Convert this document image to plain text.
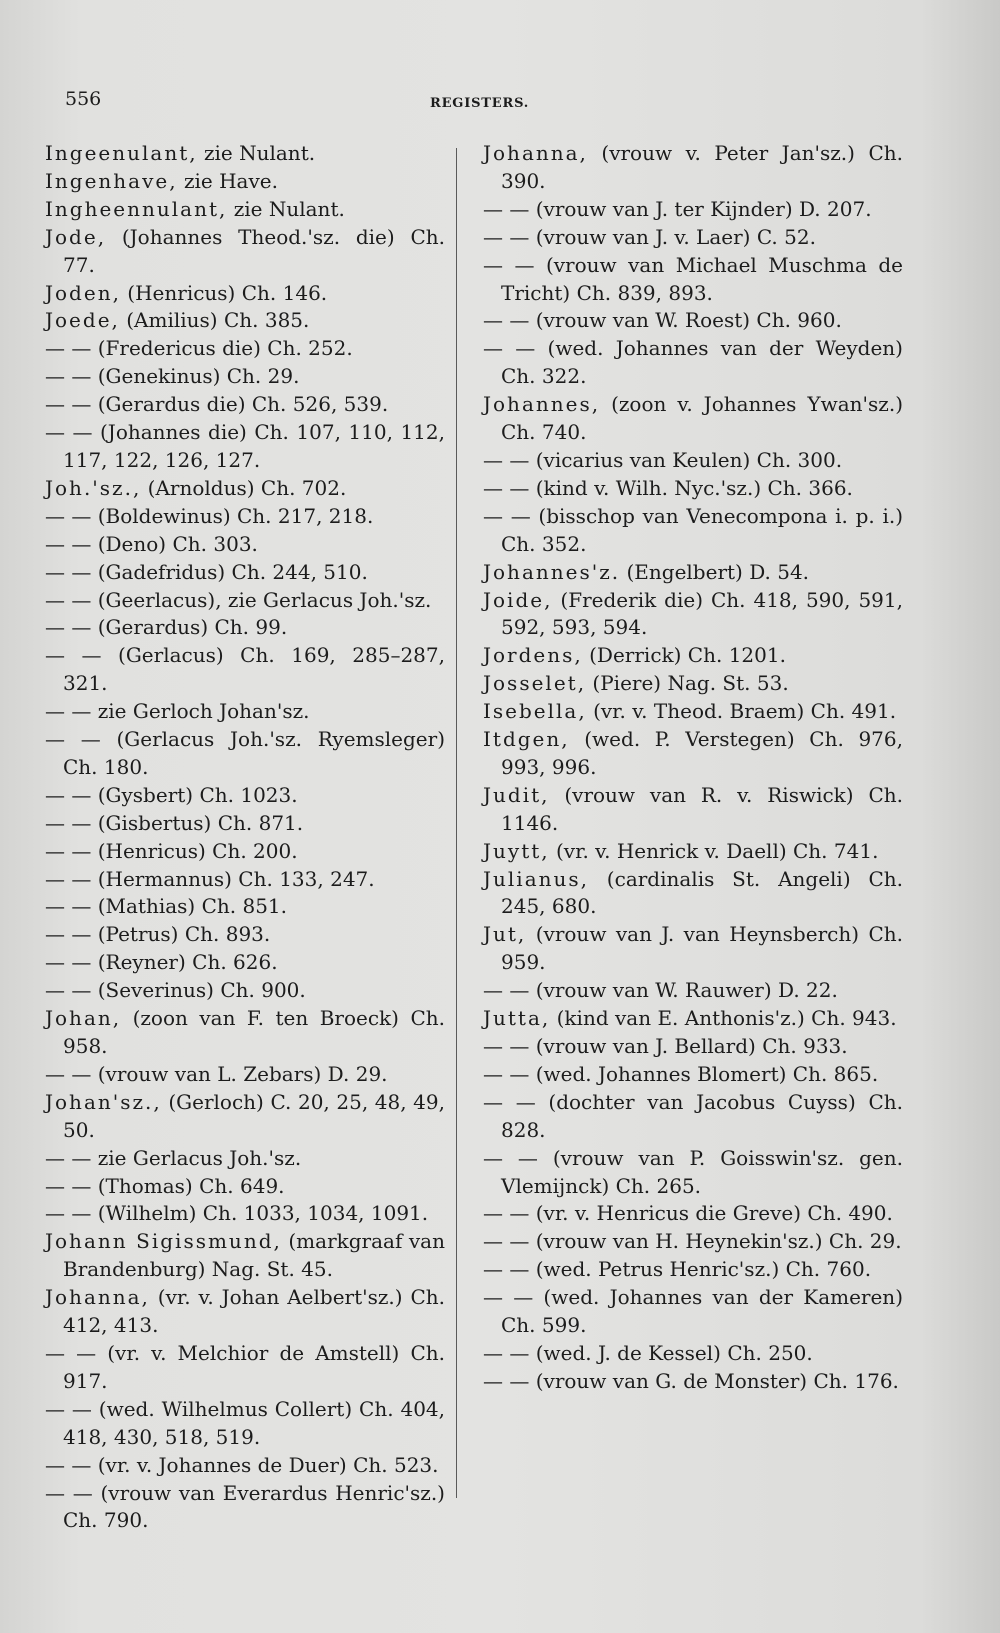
556	REGISTERS.
Ingeenulant, zie Nulant.
Ingenhave, zie Have.
Ingheennulant, zie Nulant.
Jode, (Johannes Theod.'sz. die) Ch. 77.
Joden, (Henricus) Ch. 146.
Joede, (Amilius) Ch. 385.
— — (Fredericus die) Ch. 252.
— — (Genekinus) Ch. 29.
— — (Gerardus die) Ch. 526, 539.
— — (Johannes die) Ch. 107, 110, 112, 117, 122, 126, 127.
Joh.'sz., (Arnoldus) Ch. 702.
— — (Boldewinus) Ch. 217, 218.
— — (Deno) Ch. 303.
— — (Gadefridus) Ch. 244, 510.
— — (Geerlacus), zie Gerlacus Joh.'sz.
— — (Gerardus) Ch. 99.
— — (Gerlacus) Ch. 169, 285–287, 321.
— — zie Gerloch Johan'sz.
— — (Gerlacus Joh.'sz. Ryemsleger) Ch. 180.
— — (Gysbert) Ch. 1023.
— — (Gisbertus) Ch. 871.
— — (Henricus) Ch. 200.
— — (Hermannus) Ch. 133, 247.
— — (Mathias) Ch. 851.
— — (Petrus) Ch. 893.
— — (Reyner) Ch. 626.
— — (Severinus) Ch. 900.
Johan, (zoon van F. ten Broeck) Ch. 958.
— — (vrouw van L. Zebars) D. 29.
Johan'sz., (Gerloch) C. 20, 25, 48, 49, 50.
— — zie Gerlacus Joh.'sz.
— — (Thomas) Ch. 649.
— — (Wilhelm) Ch. 1033, 1034, 1091.
Johann Sigissmund, (markgraaf van Brandenburg) Nag. St. 45.
Johanna, (vr. v. Johan Aelbert'sz.) Ch. 412, 413.
— — (vr. v. Melchior de Amstell) Ch. 917.
— — (wed. Wilhelmus Collert) Ch. 404, 418, 430, 518, 519.
— — (vr. v. Johannes de Duer) Ch. 523.
— — (vrouw van Everardus Henric'sz.) Ch. 790.
Johanna, (vrouw v. Peter Jan'sz.) Ch. 390.
— — (vrouw van J. ter Kijnder) D. 207.
— — (vrouw van J. v. Laer) C. 52.
— — (vrouw van Michael Muschma de Tricht) Ch. 839, 893.
— — (vrouw van W. Roest) Ch. 960.
— — (wed. Johannes van der Weyden) Ch. 322.
Johannes, (zoon v. Johannes Ywan'sz.) Ch. 740.
— — (vicarius van Keulen) Ch. 300.
— — (kind v. Wilh. Nyc.'sz.) Ch. 366.
— — (bisschop van Venecompona i. p. i.) Ch. 352.
Johannes'z. (Engelbert) D. 54.
Joide, (Frederik die) Ch. 418, 590, 591, 592, 593, 594.
Jordens, (Derrick) Ch. 1201.
Josselet, (Piere) Nag. St. 53.
Isebella, (vr. v. Theod. Braem) Ch. 491.
Itdgen, (wed. P. Verstegen) Ch. 976, 993, 996.
Judit, (vrouw van R. v. Riswick) Ch. 1146.
Juytt, (vr. v. Henrick v. Daell) Ch. 741.
Julianus, (cardinalis St. Angeli) Ch. 245, 680.
Jut, (vrouw van J. van Heynsberch) Ch. 959.
— — (vrouw van W. Rauwer) D. 22.
Jutta, (kind van E. Anthonis'z.) Ch. 943.
— — (vrouw van J. Bellard) Ch. 933.
— — (wed. Johannes Blomert) Ch. 865.
— — (dochter van Jacobus Cuyss) Ch. 828.
— — (vrouw van P. Goisswin'sz. gen. Vlemijnck) Ch. 265.
— — (vr. v. Henricus die Greve) Ch. 490.
— — (vrouw van H. Heynekin'sz.) Ch. 29.
— — (wed. Petrus Henric'sz.) Ch. 760.
— — (wed. Johannes van der Kameren) Ch. 599.
— — (wed. J. de Kessel) Ch. 250.
— — (vrouw van G. de Monster) Ch. 176.
